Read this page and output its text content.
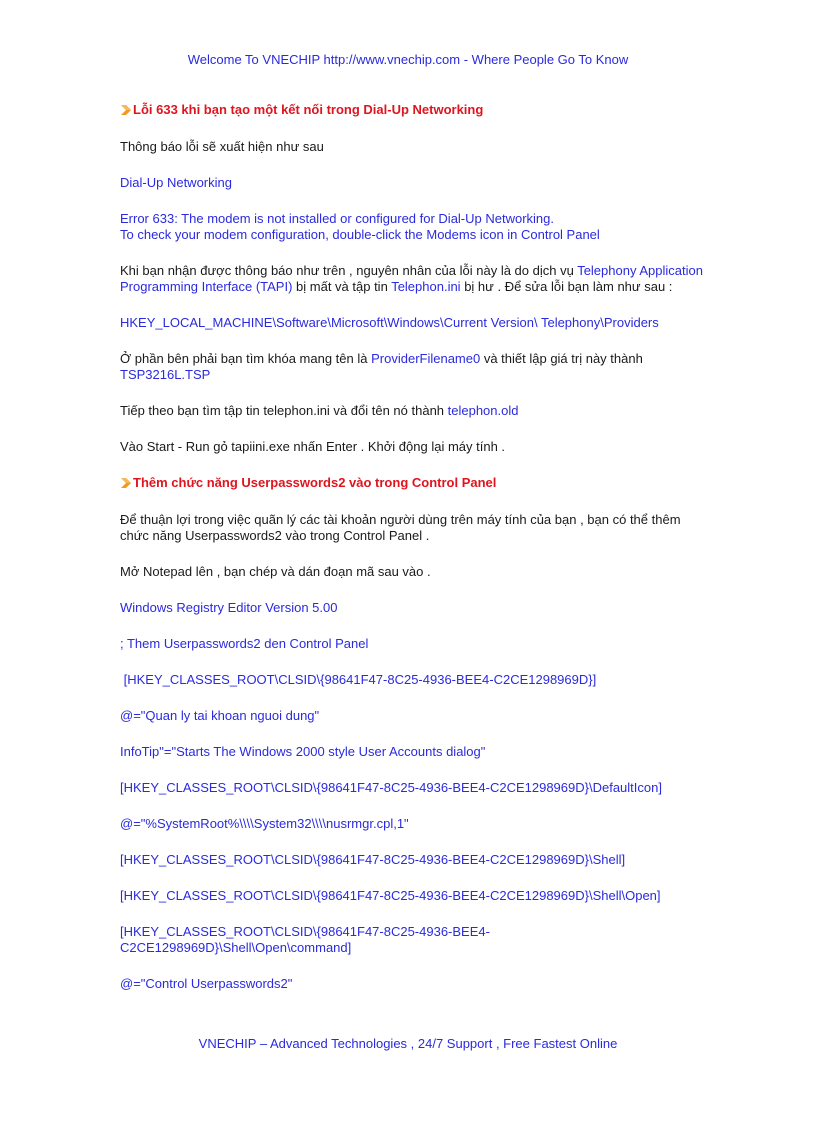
Welcome To VNECHIP http://www.vnechip.com - Where People Go To Know
Lỗi 633 khi bạn tạo một kết nối trong Dial-Up Networking

Thông báo lỗi sẽ xuất hiện như sau

Dial-Up Networking

Error 633: The modem is not installed or configured for Dial-Up Networking.
To check your modem configuration, double-click the Modems icon in Control Panel

Khi bạn nhận được thông báo như trên , nguyên nhân của lỗi này là do dịch vụ Telephony Application Programming Interface (TAPI) bị mất và tập tin Telephon.ini bị hư . Để sửa lỗi bạn làm như sau :

HKEY_LOCAL_MACHINE\Software\Microsoft\Windows\Current Version\ Telephony\Providers

Ở phần bên phải bạn tìm khóa mang tên là ProviderFilename0 và thiết lập giá trị này thành
TSP3216L.TSP

Tiếp theo bạn tìm tập tin telephon.ini và đổi tên nó thành telephon.old

Vào Start - Run gỏ tapiini.exe nhấn Enter . Khởi động lại máy tính .

Thêm chức năng Userpasswords2 vào trong Control Panel

Để thuận lợi trong việc quãn lý các tài khoản người dùng trên máy tính của bạn , bạn có thể thêm chức năng Userpasswords2 vào trong Control Panel .

Mở Notepad lên , bạn chép và dán đoạn mã sau vào .

Windows Registry Editor Version 5.00

; Them Userpasswords2 den Control Panel

[HKEY_CLASSES_ROOT\CLSID\{98641F47-8C25-4936-BEE4-C2CE1298969D}]

@="Quan ly tai khoan nguoi dung"

InfoTip"="Starts The Windows 2000 style User Accounts dialog"

[HKEY_CLASSES_ROOT\CLSID\{98641F47-8C25-4936-BEE4-C2CE1298969D}\DefaultIcon]

@="%SystemRoot%\\\\System32\\\\nusrmgr.cpl,1"

[HKEY_CLASSES_ROOT\CLSID\{98641F47-8C25-4936-BEE4-C2CE1298969D}\Shell]

[HKEY_CLASSES_ROOT\CLSID\{98641F47-8C25-4936-BEE4-C2CE1298969D}\Shell\Open]

[HKEY_CLASSES_ROOT\CLSID\{98641F47-8C25-4936-BEE4-C2CE1298969D}\Shell\Open\command]

@="Control Userpasswords2"

VNECHIP – Advanced Technologies , 24/7 Support , Free Fastest Online
